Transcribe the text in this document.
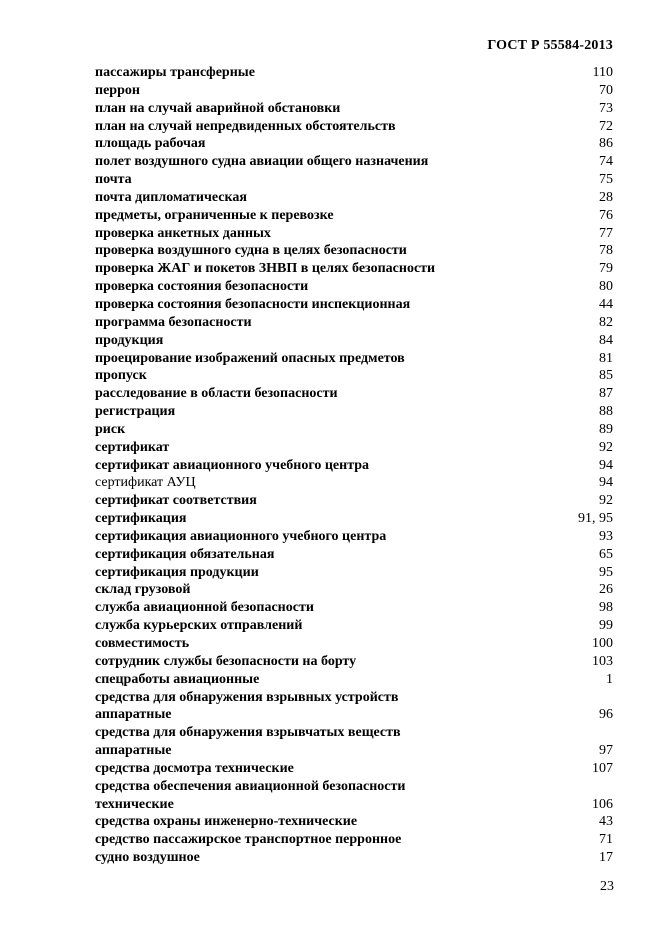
ГОСТ Р 55584-2013
пассажиры трансферные	110
перрон	70
план на случай аварийной обстановки	73
план на случай непредвиденных обстоятельств	72
площадь рабочая	86
полет воздушного судна авиации общего назначения	74
почта	75
почта дипломатическая	28
предметы, ограниченные к перевозке	76
проверка анкетных данных	77
проверка воздушного судна в целях безопасности	78
проверка ЖАГ и покетов ЗНВП в целях безопасности	79
проверка состояния безопасности	80
проверка состояния безопасности инспекционная	44
программа безопасности	82
продукция	84
проецирование изображений опасных предметов	81
пропуск	85
расследование в области безопасности	87
регистрация	88
риск	89
сертификат	92
сертификат авиационного учебного центра	94
сертификат АУЦ	94
сертификат соответствия	92
сертификация	91, 95
сертификация авиационного учебного центра	93
сертификация обязательная	65
сертификация продукции	95
склад грузовой	26
служба авиационной безопасности	98
служба курьерских отправлений	99
совместимость	100
сотрудник службы безопасности на борту	103
спецработы авиационные	1
средства для обнаружения взрывных устройств
аппаратные	96
средства для обнаружения взрывчатых веществ
аппаратные	97
средства досмотра технические	107
средства обеспечения авиационной безопасности
технические	106
средства охраны инженерно-технические	43
средство пассажирское транспортное перронное	71
судно воздушное	17
23
